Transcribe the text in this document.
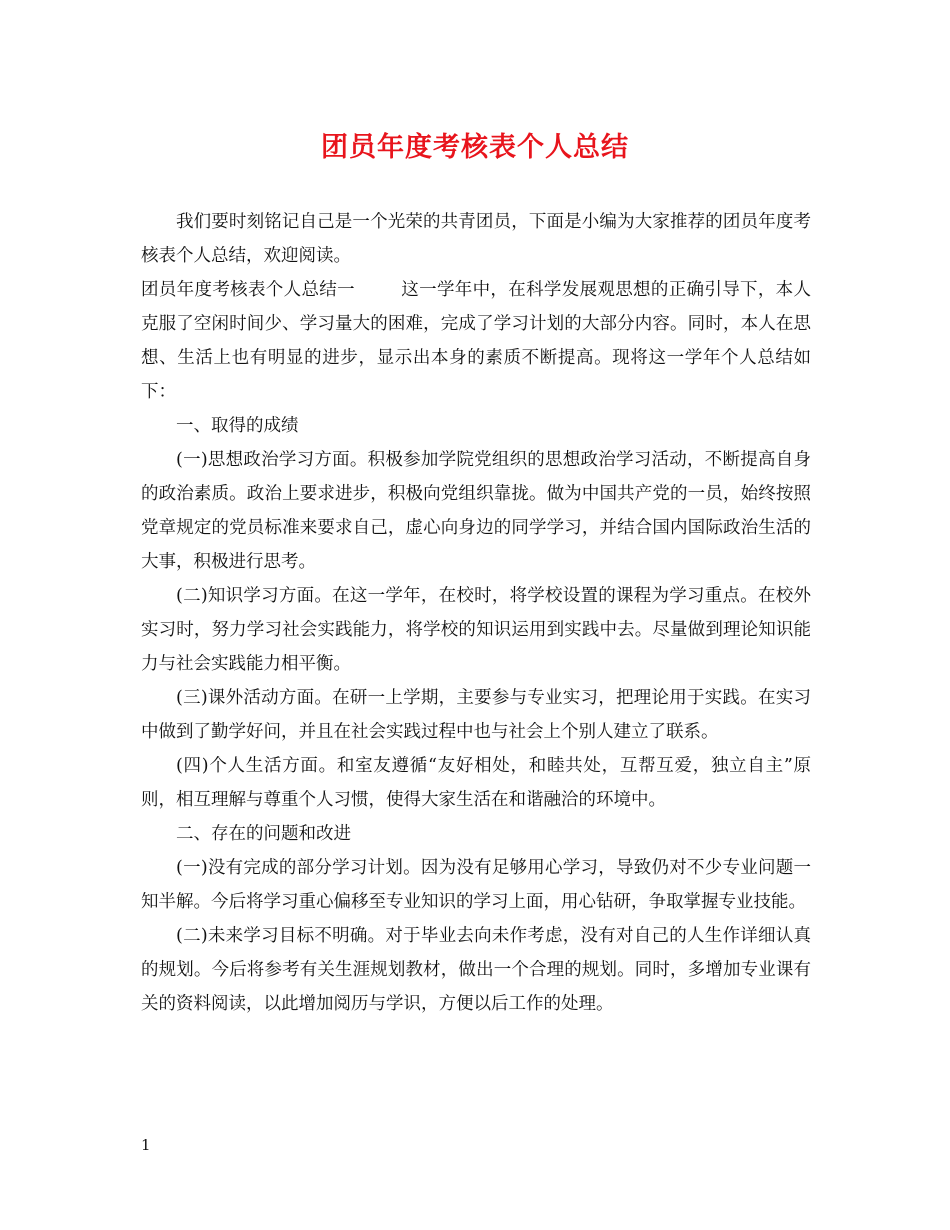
团员年度考核表个人总结

我们要时刻铭记自己是一个光荣的共青团员，下面是小编为大家推荐的团员年度考核表个人总结，欢迎阅读。

团员年度考核表个人总结一	这一学年中，在科学发展观思想的正确引导下，本人克服了空闲时间少、学习量大的困难，完成了学习计划的大部分内容。同时，本人在思想、生活上也有明显的进步，显示出本身的素质不断提高。现将这一学年个人总结如下：

一、取得的成绩

(一)思想政治学习方面。积极参加学院党组织的思想政治学习活动，不断提高自身的政治素质。政治上要求进步，积极向党组织靠拢。做为中国共产党的一员，始终按照党章规定的党员标准来要求自己，虚心向身边的同学学习，并结合国内国际政治生活的大事，积极进行思考。

(二)知识学习方面。在这一学年，在校时，将学校设置的课程为学习重点。在校外实习时，努力学习社会实践能力，将学校的知识运用到实践中去。尽量做到理论知识能力与社会实践能力相平衡。

(三)课外活动方面。在研一上学期，主要参与专业实习，把理论用于实践。在实习中做到了勤学好问，并且在社会实践过程中也与社会上个别人建立了联系。

(四)个人生活方面。和室友遵循“友好相处，和睦共处，互帮互爱，独立自主”原则，相互理解与尊重个人习惯，使得大家生活在和谐融洽的环境中。

二、存在的问题和改进

(一)没有完成的部分学习计划。因为没有足够用心学习，导致仍对不少专业问题一知半解。今后将学习重心偏移至专业知识的学习上面，用心钻研，争取掌握专业技能。

(二)未来学习目标不明确。对于毕业去向未作考虑，没有对自己的人生作详细认真的规划。今后将参考有关生涯规划教材，做出一个合理的规划。同时，多增加专业课有关的资料阅读，以此增加阅历与学识，方便以后工作的处理。

1
